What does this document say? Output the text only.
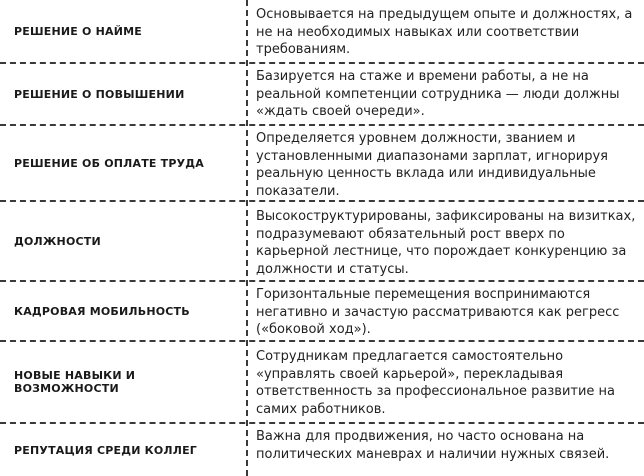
РЕШЕНИЕ О НАЙМЕ
Основывается на предыдущем опыте и должностях, а не на необходимых навыках или соответствии требованиям.
РЕШЕНИЕ О ПОВЫШЕНИИ
Базируется на стаже и времени работы, а не на реальной компетенции сотрудника — люди должны «ждать своей очереди».
РЕШЕНИЕ ОБ ОПЛАТЕ ТРУДА
Определяется уровнем должности, званием и установленными диапазонами зарплат, игнорируя реальную ценность вклада или индивидуальные показатели.
ДОЛЖНОСТИ
Высокоструктурированы, зафиксированы на визитках, подразумевают обязательный рост вверх по карьерной лестнице, что порождает конкуренцию за должности и статусы.
КАДРОВАЯ МОБИЛЬНОСТЬ
Горизонтальные перемещения воспринимаются негативно и зачастую рассматриваются как регресс («боковой ход»).
НОВЫЕ НАВЫКИ И ВОЗМОЖНОСТИ
Сотрудникам предлагается самостоятельно «управлять своей карьерой», перекладывая ответственность за профессиональное развитие на самих работников.
РЕПУТАЦИЯ СРЕДИ КОЛЛЕГ
Важна для продвижения, но часто основана на политических маневрах и наличии нужных связей.
